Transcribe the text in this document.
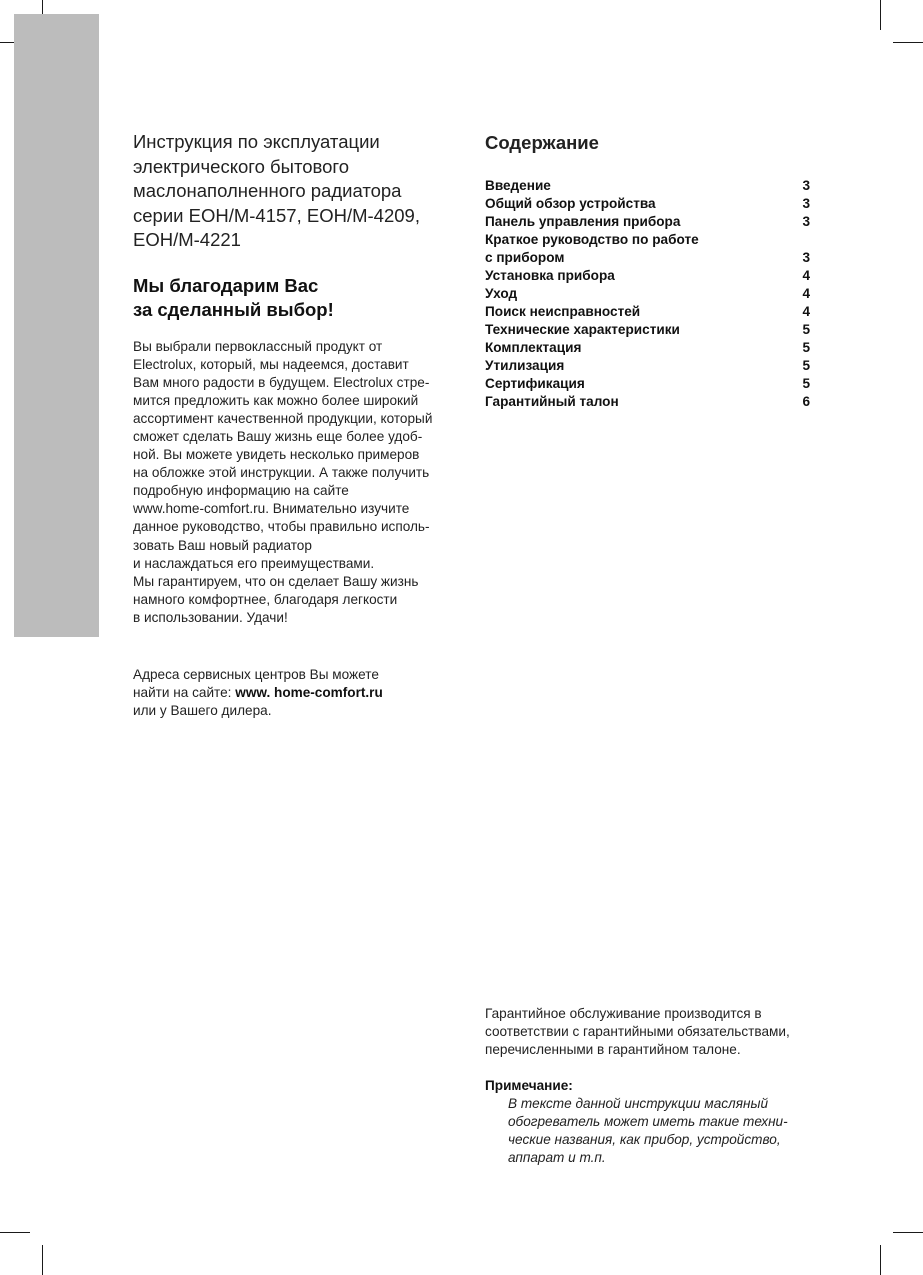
Инструкция по эксплуатации
электрического бытового
маслонаполненного радиатора
серии EOH/M-4157, EOH/M-4209,
EOH/M-4221
Мы благодарим Вас
за сделанный выбор!

Вы выбрали первоклассный продукт от
Electrolux, который, мы надеемся, доставит
Вам много радости в будущем. Electrolux стре-
мится предложить как можно более широкий
ассортимент качественной продукции, который
сможет сделать Вашу жизнь еще более удоб-
ной. Вы можете увидеть несколько примеров
на обложке этой инструкции. А также получить
подробную информацию на сайте
www.home-comfort.ru. Внимательно изучите
данное руководство, чтобы правильно исполь-
зовать Ваш новый радиатор
и наслаждаться его преимуществами.
Мы гарантируем, что он сделает Вашу жизнь
намного комфортнее, благодаря легкости
в использовании. Удачи!

Адреса сервисных центров Вы можете
найти на сайте: www. home-comfort.ru
или у Вашего дилера.

Содержание
Введение	3
Общий обзор устройства	3
Панель управления прибора	3
Краткое руководство по работе
с прибором	3
Установка прибора	4
Уход	4
Поиск неисправностей	4
Технические характеристики	5
Комплектация	5
Утилизация	5
Сертификация	5
Гарантийный талон	6

Гарантийное обслуживание производится в
соответствии с гарантийными обязательствами,
перечисленными в гарантийном талоне.

Примечание:

В тексте данной инструкции масляный
обогреватель может иметь такие техни-
ческие названия, как прибор, устройство,
аппарат и т.п.
